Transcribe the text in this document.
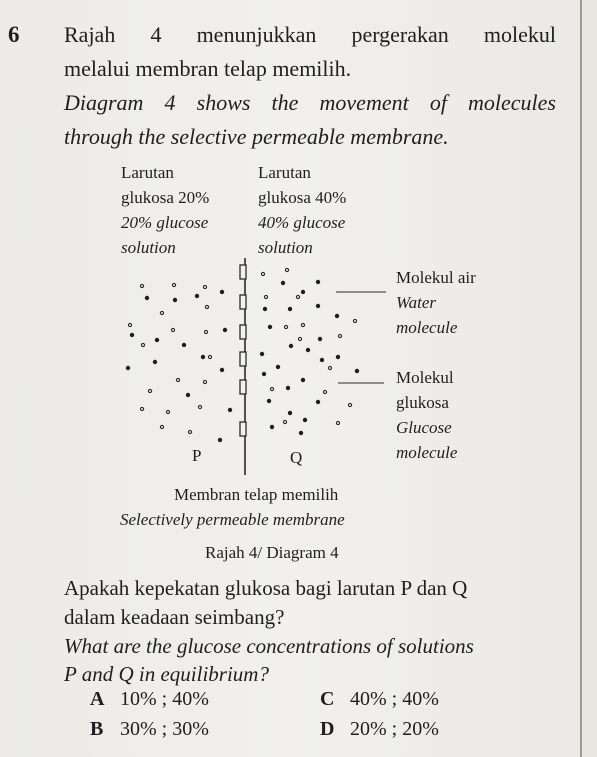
6 Rajah 4 menunjukkan pergerakan molekul
melalui membran telap memilih.
Diagram 4 shows the movement of molecules
through the selective permeable membrane.
Larutan
glukosa 20%
20% glucose
solution
Larutan
glukosa 40%
40% glucose
solution
Molekul air
Water
molecule
Molekul
glukosa
Glucose
molecule
P	Q
Membran telap memilih
Selectively permeable membrane
Rajah 4/ Diagram 4
Apakah kepekatan glukosa bagi larutan P dan Q
dalam keadaan seimbang?
What are the glucose concentrations of solutions
P and Q in equilibrium?
A 10% ; 40%
B 30% ; 30%
C 40% ; 40%
D 20% ; 20%
